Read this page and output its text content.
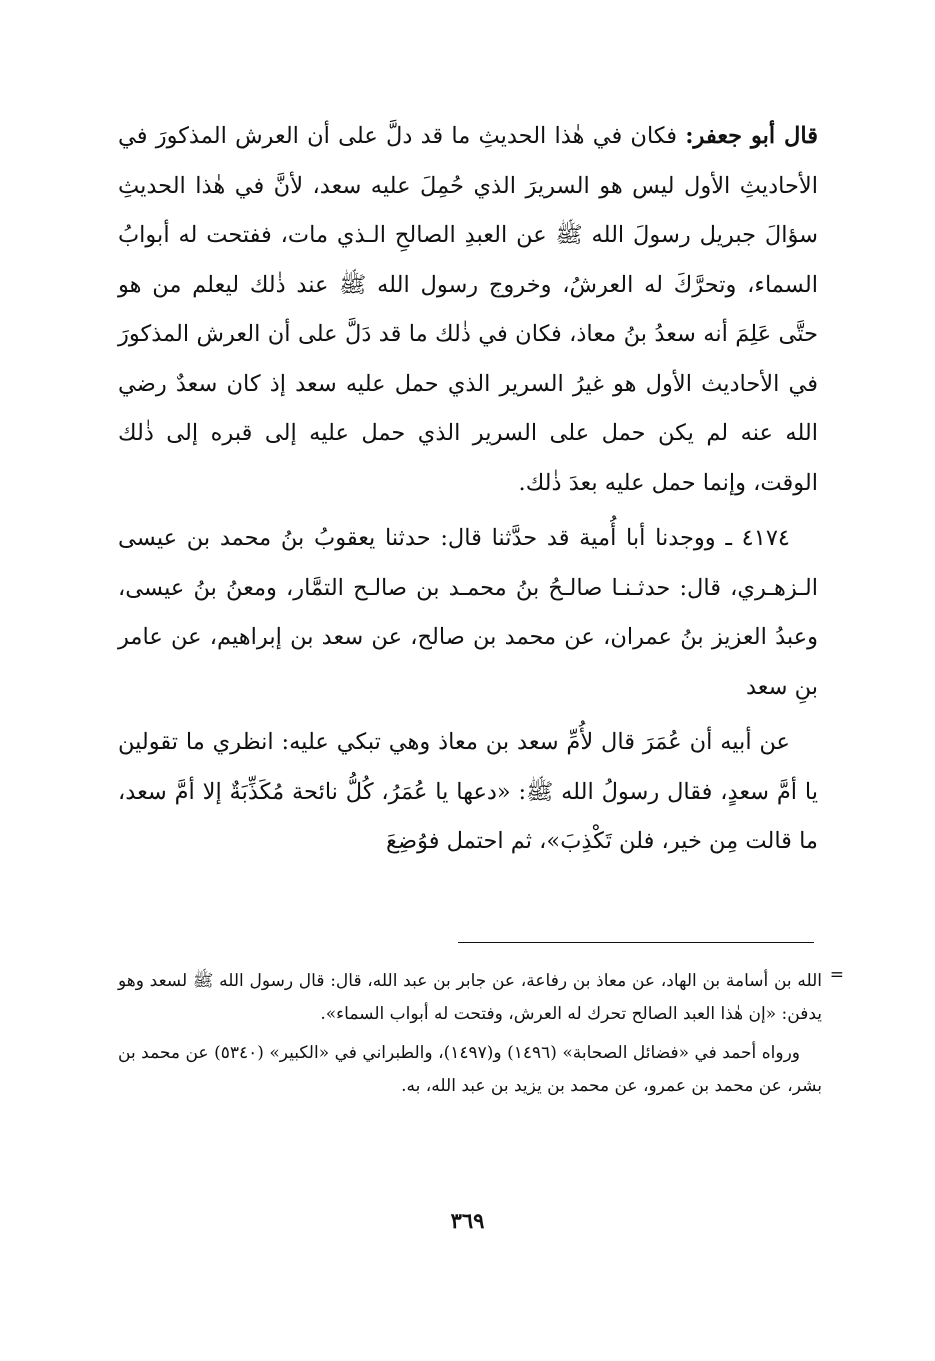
قال أبو جعفر: فكان في هٰذا الحديثِ ما قد دلَّ على أن العرش المذكورَ في الأحاديثِ الأول ليس هو السريرَ الذي حُمِلَ عليه سعد، لأنَّ في هٰذا الحديثِ سؤالَ جبريل رسولَ الله ﷺ عن العبدِ الصالحِ الـذي مات، ففتحت له أبوابُ السماء، وتحرَّكَ له العرشُ، وخروج رسول الله ﷺ عند ذٰلك ليعلم من هو حتَّى عَلِمَ أنه سعدُ بنُ معاذ، فكان في ذٰلك ما قد دَلَّ على أن العرش المذكورَ في الأحاديث الأول هو غيرُ السرير الذي حمل عليه سعد إذ كان سعدٌ رضي الله عنه لم يكن حمل على السرير الذي حمل عليه إلى قبره إلى ذٰلك الوقت، وإنما حمل عليه بعدَ ذٰلك.

٤١٧٤ ـ ووجدنا أبا أُمية قد حدَّثنا قال: حدثنا يعقوبُ بنُ محمد بن عيسى الـزهـري، قال: حدثـنـا صالـحُ بنُ محمـد بن صالـح التمَّار، ومعنُ بنُ عيسى، وعبدُ العزيز بنُ عمران، عن محمد بن صالح، عن سعد بن إبراهيم، عن عامر بنِ سعد

عن أبيه أن عُمَرَ قال لأُمِّ سعد بن معاذ وهي تبكي عليه: انظري ما تقولين يا أمَّ سعدٍ، فقال رسولُ الله ﷺ: «دعها يا عُمَرُ، كُلُّ نائحة مُكَذِّبَةٌ إلا أمَّ سعد، ما قالت مِن خير، فلن تَكْذِبَ»، ثم احتمل فوُضِعَ

=

الله بن أسامة بن الهاد، عن معاذ بن رفاعة، عن جابر بن عبد الله، قال: قال رسول الله ﷺ لسعد وهو يدفن: «إن هٰذا العبد الصالح تحرك له العرش، وفتحت له أبواب السماء».

ورواه أحمد في «فضائل الصحابة» (١٤٩٦) و(١٤٩٧)، والطبراني في «الكبير» (٥٣٤٠) عن محمد بن بشر، عن محمد بن عمرو، عن محمد بن يزيد بن عبد الله، به.

٣٦٩
